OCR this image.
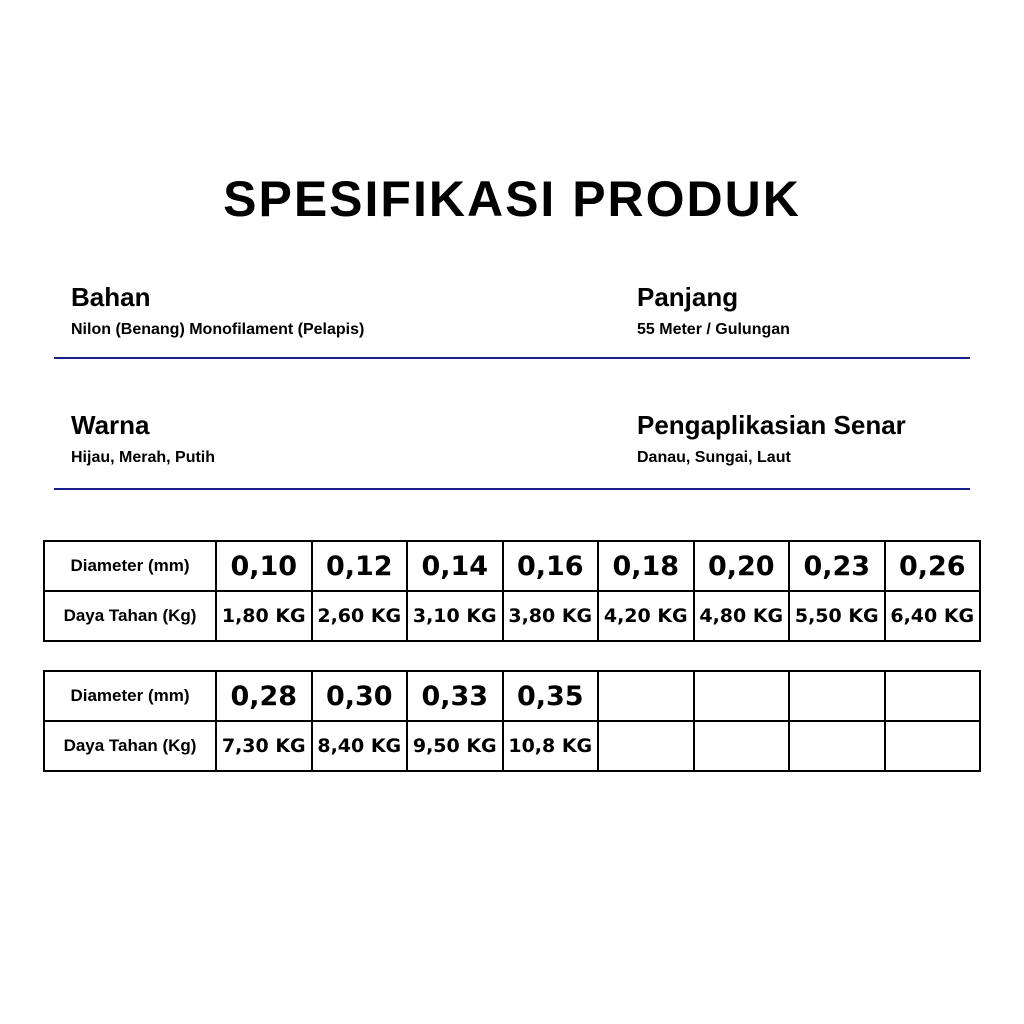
SPESIFIKASI PRODUK
Bahan
Nilon (Benang) Monofilament (Pelapis)
Panjang
55 Meter / Gulungan
Warna
Hijau, Merah, Putih
Pengaplikasian Senar
Danau, Sungai, Laut
Diameter (mm)	0,10	0,12	0,14	0,16	0,18	0,20	0,23	0,26
Daya Tahan (Kg)	1,80 KG	2,60 KG	3,10 KG	3,80 KG	4,20 KG	4,80 KG	5,50 KG	6,40 KG
Diameter (mm)	0,28	0,30	0,33	0,35				
Daya Tahan (Kg)	7,30 KG	8,40 KG	9,50 KG	10,8 KG				
